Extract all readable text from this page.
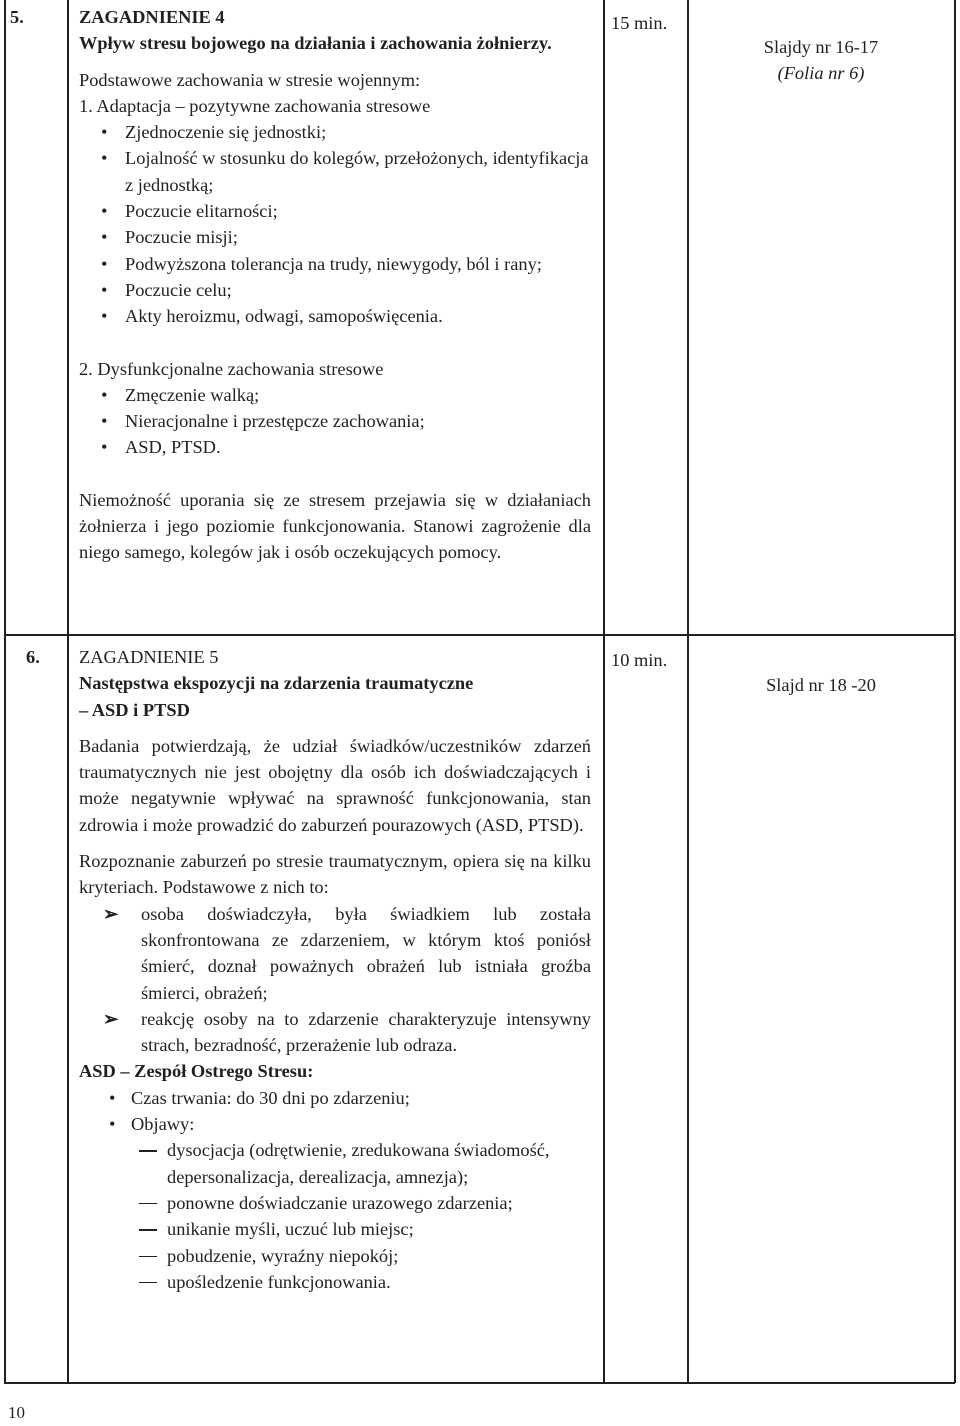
5.	ZAGADNIENIE 4

Wpływ stresu bojowego na działania i zachowania żołnierzy.

Podstawowe zachowania w stresie wojennym:

1. Adaptacja – pozytywne zachowania stresowe

• Zjednoczenie się jednostki;
• Lojalność w stosunku do kolegów, przełożonych, identyfikacja z jednostką;
• Poczucie elitarności;
• Poczucie misji;
• Podwyższona tolerancja na trudy, niewygody, ból i rany;
• Poczucie celu;
• Akty heroizmu, odwagi, samopoświęcenia.

2. Dysfunkcjonalne zachowania stresowe

• Zmęczenie walką;
• Nieracjonalne i przestępcze zachowania;
• ASD, PTSD.

Niemożność uporania się ze stresem przejawia się w działaniach żołnierza i jego poziomie funkcjonowania. Stanowi zagrożenie dla niego samego, kolegów jak i osób oczekujących pomocy.

15 min.
Slajdy nr 16-17
(Folia nr 6)
6. ZAGADNIENIE 5

Następstwa ekspozycji na zdarzenia traumatyczne

– ASD i PTSD

Badania potwierdzają, że udział świadków/uczestników zdarzeń traumatycznych nie jest obojętny dla osób ich doświadczających i może negatywnie wpływać na sprawność funkcjonowania, stan zdrowia i może prowadzić do zaburzeń pourazowych (ASD, PTSD).

Rozpoznanie zaburzeń po stresie traumatycznym, opiera się na kilku kryteriach. Podstawowe z nich to:

➢ osoba doświadczyła, była świadkiem lub została skonfrontowana ze zdarzeniem, w którym ktoś poniósł śmierć, doznał poważnych obrażeń lub istniała groźba śmierci, obrażeń;
➢ reakcję osoby na to zdarzenie charakteryzuje intensywny strach, bezradność, przerażenie lub odraza.

ASD – Zespół Ostrego Stresu:

• Czas trwania: do 30 dni po zdarzeniu;
• Objawy:
dysocjacja (odrętwienie, zredukowana świadomość, depersonalizacja, derealizacja, amnezja);
ponowne doświadczanie urazowego zdarzenia;
unikanie myśli, uczuć lub miejsc;
pobudzenie, wyraźny niepokój;
upośledzenie funkcjonowania.
10 min.
Slajd nr 18 -20
10
